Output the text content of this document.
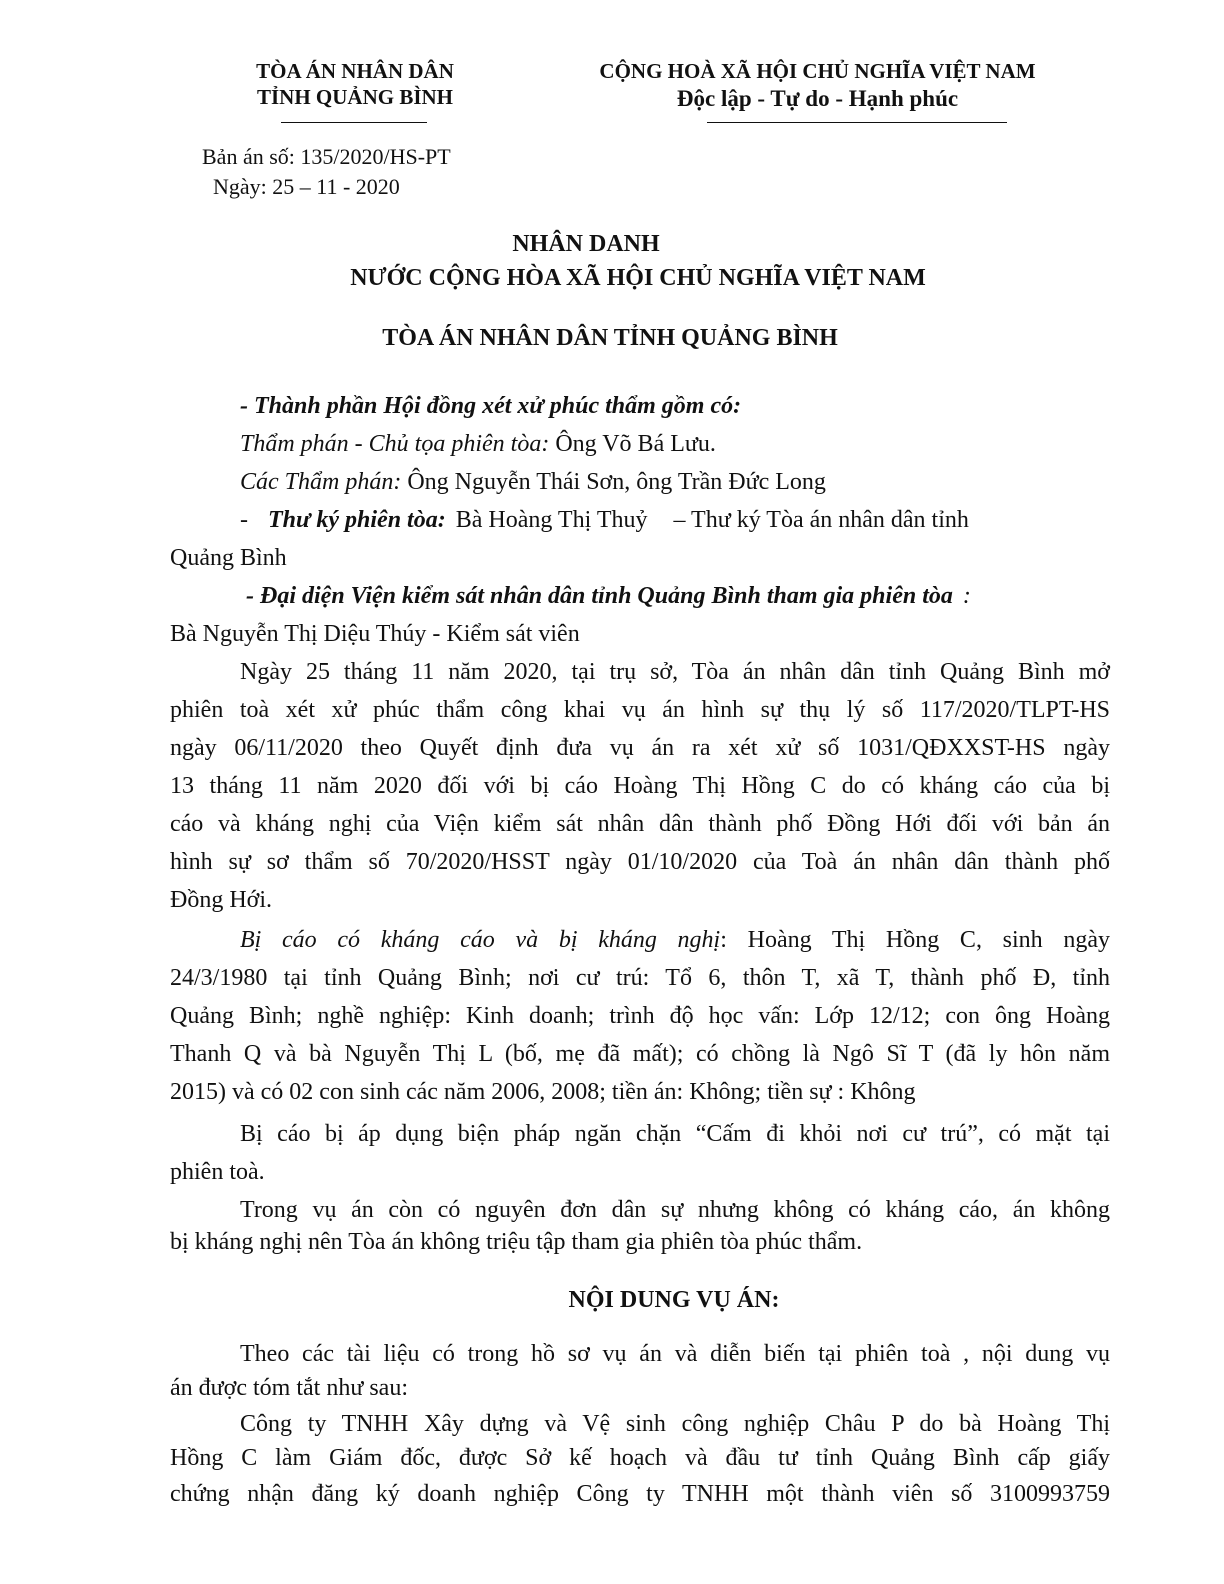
TÒA ÁN NHÂN DÂN
TỈNH QUẢNG BÌNH
CỘNG HOÀ XÃ HỘI CHỦ NGHĨA VIỆT NAM
Độc lập - Tự do - Hạnh phúc
Bản án số: 135/2020/HS-PT
Ngày: 25 – 11 - 2020
NHÂN DANH
NƯỚC CỘNG HÒA XÃ HỘI CHỦ NGHĨA VIỆT NAM
TÒA ÁN NHÂN DÂN TỈNH QUẢNG BÌNH
- Thành phần Hội đồng xét xử phúc thẩm gồm có:
Thẩm phán - Chủ tọa phiên tòa: Ông Võ Bá Lưu.
Các Thẩm phán: Ông Nguyễn Thái Sơn, ông Trần Đức Long
- Thư ký phiên tòa: Bà Hoàng Thị Thuỷ – Thư ký Tòa án nhân dân tỉnh
Quảng Bình
- Đại diện Viện kiểm sát nhân dân tỉnh Quảng Bình tham gia phiên tòa :
Bà Nguyễn Thị Diệu Thúy - Kiểm sát viên
Ngày 25 tháng 11 năm 2020, tại trụ sở, Tòa án nhân dân tỉnh Quảng Bình mở
phiên toà xét xử phúc thẩm công khai vụ án hình sự thụ lý số 117/2020/TLPT-HS
ngày 06/11/2020 theo Quyết định đưa vụ án ra xét xử số 1031/QĐXXST-HS ngày
13 tháng 11 năm 2020 đối với bị cáo Hoàng Thị Hồng C do có kháng cáo của bị
cáo và kháng nghị của Viện kiểm sát nhân dân thành phố Đồng Hới đối với bản án
hình sự sơ thẩm số 70/2020/HSST ngày 01/10/2020 của Toà án nhân dân thành phố
Đồng Hới.
Bị cáo có kháng cáo và bị kháng nghị: Hoàng Thị Hồng C, sinh ngày
24/3/1980 tại tỉnh Quảng Bình; nơi cư trú: Tổ 6, thôn T, xã T, thành phố Đ, tỉnh
Quảng Bình; nghề nghiệp: Kinh doanh; trình độ học vấn: Lớp 12/12; con ông Hoàng
Thanh Q và bà Nguyễn Thị L (bố, mẹ đã mất); có chồng là Ngô Sĩ T (đã ly hôn năm
2015) và có 02 con sinh các năm 2006, 2008; tiền án: Không; tiền sự : Không
Bị cáo bị áp dụng biện pháp ngăn chặn “Cấm đi khỏi nơi cư trú”, có mặt tại
phiên toà.
Trong vụ án còn có nguyên đơn dân sự nhưng không có kháng cáo, án không
bị kháng nghị nên Tòa án không triệu tập tham gia phiên tòa phúc thẩm.
NỘI DUNG VỤ ÁN:
Theo các tài liệu có trong hồ sơ vụ án và diễn biến tại phiên toà , nội dung vụ
án được tóm tắt như sau:
Công ty TNHH Xây dựng và Vệ sinh công nghiệp Châu P do bà Hoàng Thị
Hồng C làm Giám đốc, được Sở kế hoạch và đầu tư tỉnh Quảng Bình cấp giấy
chứng nhận đăng ký doanh nghiệp Công ty TNHH một thành viên số 3100993759
